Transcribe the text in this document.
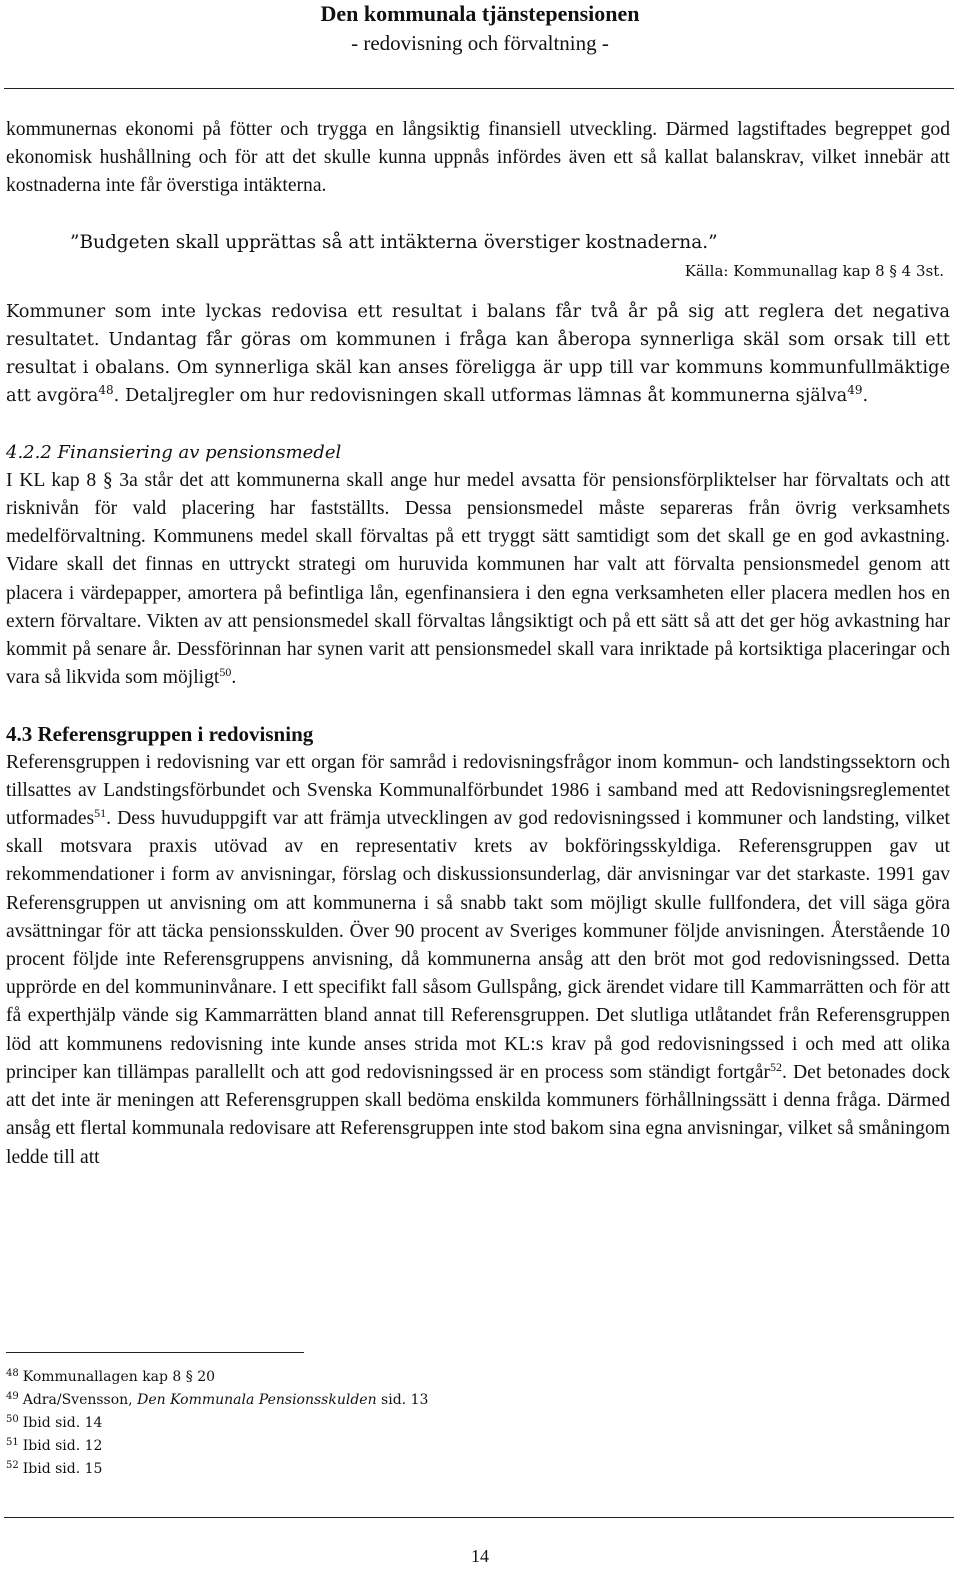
Den kommunala tjänstepensionen
- redovisning och förvaltning -

kommunernas ekonomi på fötter och trygga en långsiktig finansiell utveckling. Därmed lagstiftades begreppet god ekonomisk hushållning och för att det skulle kunna uppnås infördes även ett så kallat balanskrav, vilket innebär att kostnaderna inte får överstiga intäkterna.

”Budgeten skall upprättas så att intäkterna överstiger kostnaderna.”

Källa: Kommunallag kap 8 § 4 3st.

Kommuner som inte lyckas redovisa ett resultat i balans får två år på sig att reglera det negativa resultatet. Undantag får göras om kommunen i fråga kan åberopa synnerliga skäl som orsak till ett resultat i obalans. Om synnerliga skäl kan anses föreligga är upp till var kommuns kommunfullmäktige att avgöra$^{48}$. Detaljregler om hur redovisningen skall utformas lämnas åt kommunerna själva$^{49}$.

4.2.2 Finansiering av pensionsmedel

I KL kap 8 § 3a står det att kommunerna skall ange hur medel avsatta för pensionsförpliktelser har förvaltats och att risknivån för vald placering har fastställts. Dessa pensionsmedel måste separeras från övrig verksamhets medelförvaltning. Kommunens medel skall förvaltas på ett tryggt sätt samtidigt som det skall ge en god avkastning. Vidare skall det finnas en uttryckt strategi om huruvida kommunen har valt att förvalta pensionsmedel genom att placera i värdepapper, amortera på befintliga lån, egenfinansiera i den egna verksamheten eller placera medlen hos en extern förvaltare. Vikten av att pensionsmedel skall förvaltas långsiktigt och på ett sätt så att det ger hög avkastning har kommit på senare år. Dessförinnan har synen varit att pensionsmedel skall vara inriktade på kortsiktiga placeringar och vara så likvida som möjligt$^{50}$.

4.3 Referensgruppen i redovisning

Referensgruppen i redovisning var ett organ för samråd i redovisningsfrågor inom kommun- och landstingssektorn och tillsattes av Landstingsförbundet och Svenska Kommunalförbundet 1986 i samband med att Redovisningsreglementet utformades$^{51}$. Dess huvuduppgift var att främja utvecklingen av god redovisningssed i kommuner och landsting, vilket skall motsvara praxis utövad av en representativ krets av bokföringsskyldiga. Referensgruppen gav ut rekommendationer i form av anvisningar, förslag och diskussionsunderlag, där anvisningar var det starkaste. 1991 gav Referensgruppen ut anvisning om att kommunerna i så snabb takt som möjligt skulle fullfondera, det vill säga göra avsättningar för att täcka pensionsskulden. Över 90 procent av Sveriges kommuner följde anvisningen. Återstående 10 procent följde inte Referensgruppens anvisning, då kommunerna ansåg att den bröt mot god redovisningssed. Detta upprörde en del kommuninvånare. I ett specifikt fall såsom Gullspång, gick ärendet vidare till Kammarrätten och för att få experthjälp vände sig Kammarrätten bland annat till Referensgruppen. Det slutliga utlåtandet från Referensgruppen löd att kommunens redovisning inte kunde anses strida mot KL:s krav på god redovisningssed i och med att olika principer kan tillämpas parallellt och att god redovisningssed är en process som ständigt fortgår$^{52}$. Det betonades dock att det inte är meningen att Referensgruppen skall bedöma enskilda kommuners förhållningssätt i denna fråga. Därmed ansåg ett flertal kommunala redovisare att Referensgruppen inte stod bakom sina egna anvisningar, vilket så småningom ledde till att

$^{48}$ Kommunallagen kap 8 § 20
$^{49}$ Adra/Svensson, Den Kommunala Pensionsskulden sid. 13
$^{50}$ Ibid sid. 14
$^{51}$ Ibid sid. 12
$^{52}$ Ibid sid. 15
14
